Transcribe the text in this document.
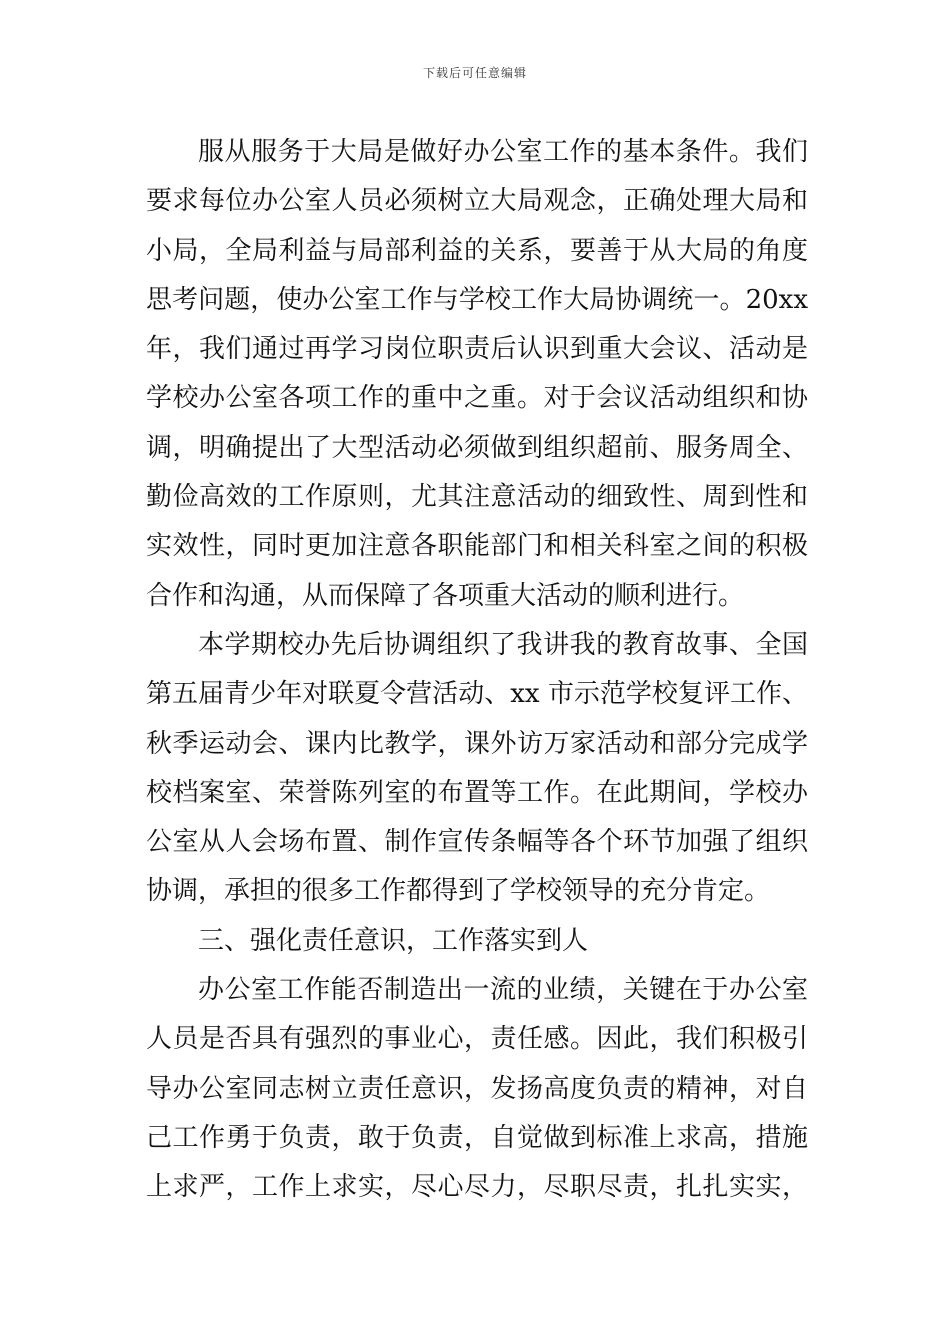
下载后可任意编辑
服从服务于大局是做好办公室工作的基本条件。我们
要求每位办公室人员必须树立大局观念，正确处理大局和
小局，全局利益与局部利益的关系，要善于从大局的角度
思考问题，使办公室工作与学校工作大局协调统一。20xx
年，我们通过再学习岗位职责后认识到重大会议、活动是
学校办公室各项工作的重中之重。对于会议活动组织和协
调，明确提出了大型活动必须做到组织超前、服务周全、
勤俭高效的工作原则，尤其注意活动的细致性、周到性和
实效性，同时更加注意各职能部门和相关科室之间的积极
合作和沟通，从而保障了各项重大活动的顺利进行。
本学期校办先后协调组织了我讲我的教育故事、全国
第五届青少年对联夏令营活动、xx 市示范学校复评工作、
秋季运动会、课内比教学，课外访万家活动和部分完成学
校档案室、荣誉陈列室的布置等工作。在此期间，学校办
公室从人会场布置、制作宣传条幅等各个环节加强了组织
协调，承担的很多工作都得到了学校领导的充分肯定。
三、强化责任意识，工作落实到人
办公室工作能否制造出一流的业绩，关键在于办公室
人员是否具有强烈的事业心，责任感。因此，我们积极引
导办公室同志树立责任意识，发扬高度负责的精神，对自
己工作勇于负责，敢于负责，自觉做到标准上求高，措施
上求严，工作上求实，尽心尽力，尽职尽责，扎扎实实，
